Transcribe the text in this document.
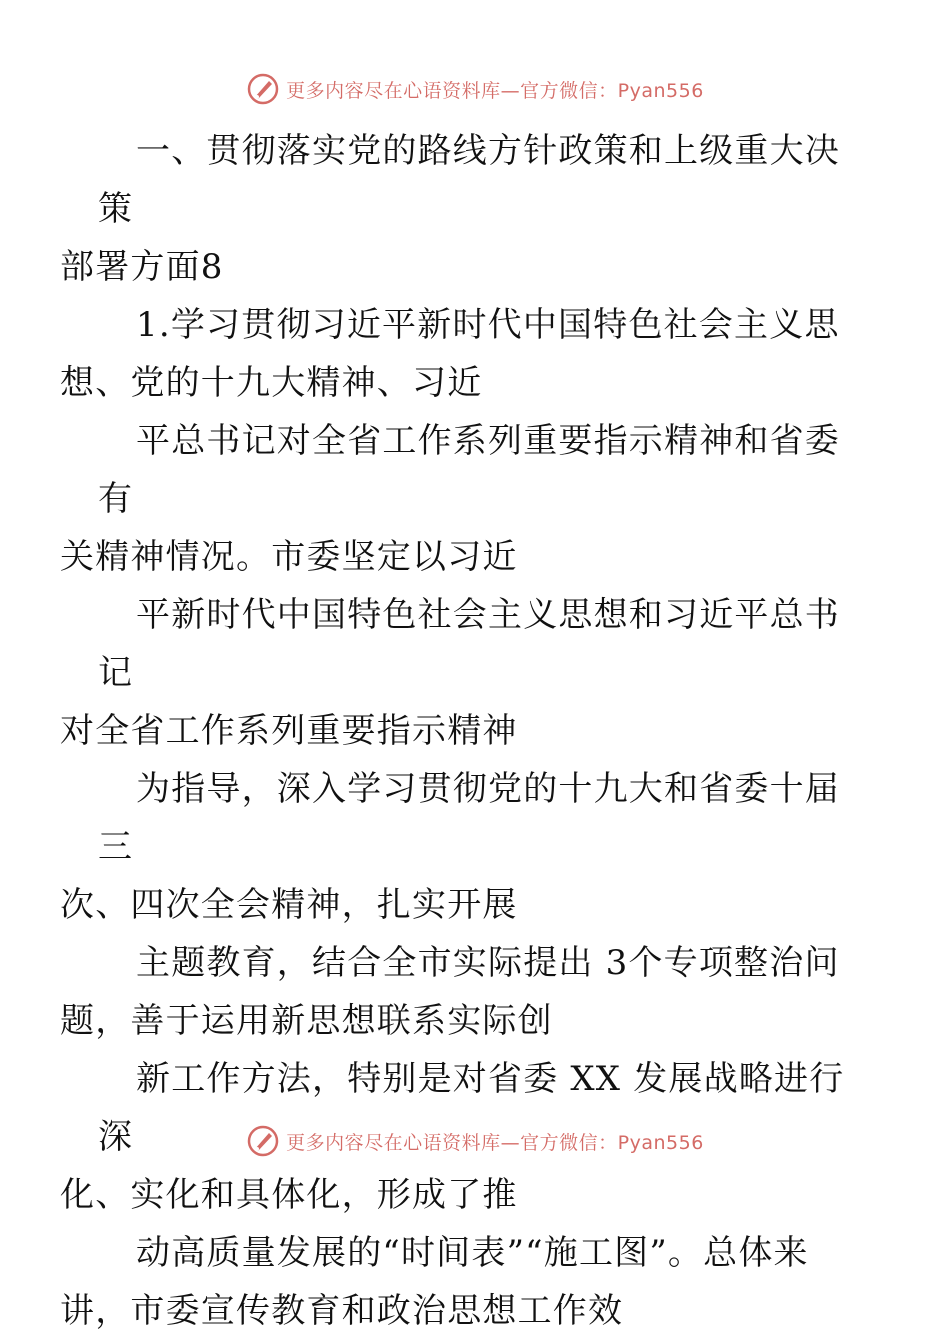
更多内容尽在心语资料库—官方微信：Pyan556

一、贯彻落实党的路线方针政策和上级重大决策
部署方面8

1.学习贯彻习近平新时代中国特色社会主义思
想、党的十九大精神、习近

平总书记对全省工作系列重要指示精神和省委有
关精神情况。市委坚定以习近

平新时代中国特色社会主义思想和习近平总书记
对全省工作系列重要指示精神

为指导，深入学习贯彻党的十九大和省委十届三
次、四次全会精神，扎实开展

主题教育，结合全市实际提出 3个专项整治问
题，善于运用新思想联系实际创

新工作方法，特别是对省委 XX 发展战略进行深
化、实化和具体化，形成了推

动高质量发展的“时间表”“施工图”。总体来
讲，市委宣传教育和政治思想工作效

更多内容尽在心语资料库—官方微信：Pyan556
